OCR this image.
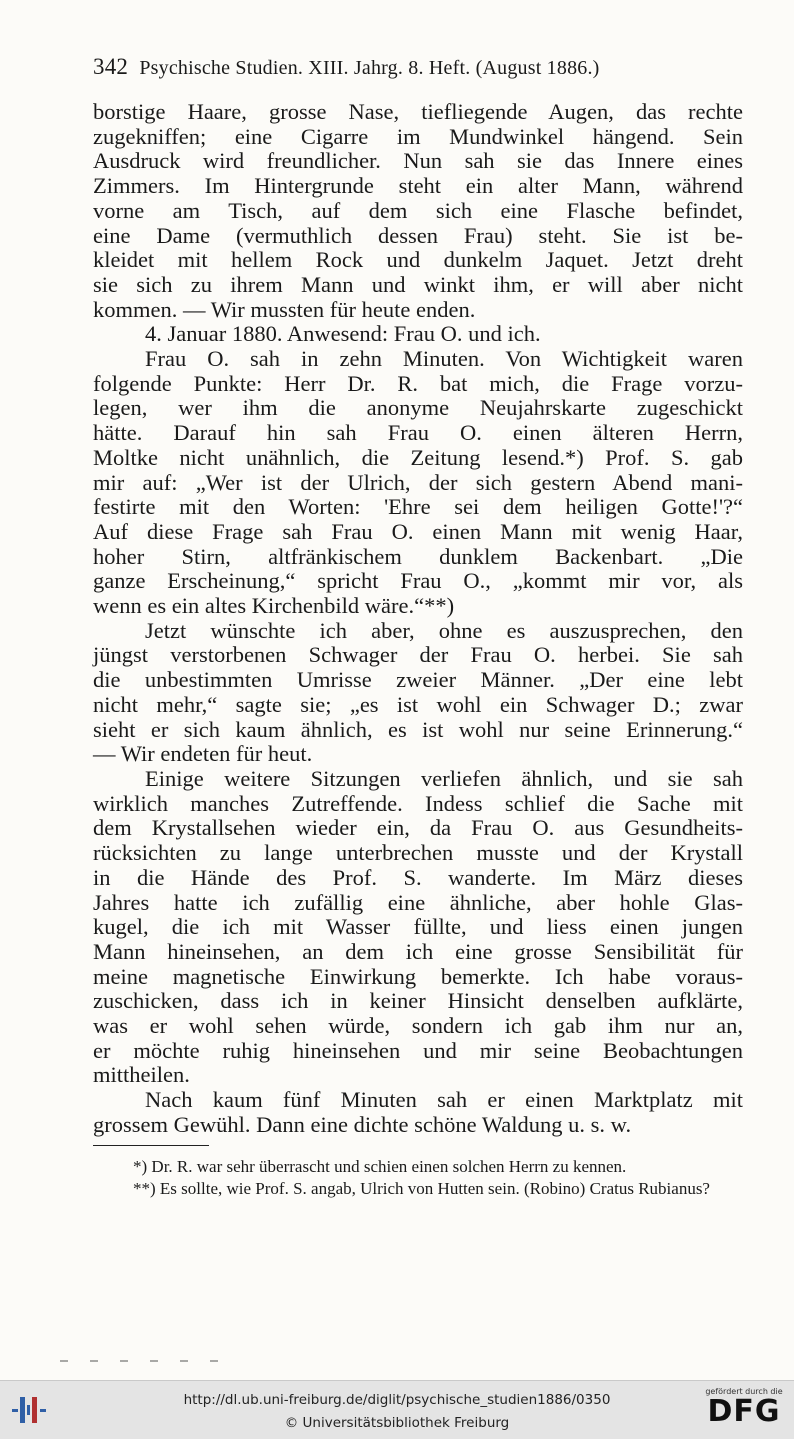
342 Psychische Studien. XIII. Jahrg. 8. Heft. (August 1886.)
borstige Haare, grosse Nase, tiefliegende Augen, das rechte
zugekniffen; eine Cigarre im Mundwinkel hängend. Sein
Ausdruck wird freundlicher. Nun sah sie das Innere eines
Zimmers. Im Hintergrunde steht ein alter Mann, während
vorne am Tisch, auf dem sich eine Flasche befindet,
eine Dame (vermuthlich dessen Frau) steht. Sie ist be-
kleidet mit hellem Rock und dunkelm Jaquet. Jetzt dreht
sie sich zu ihrem Mann und winkt ihm, er will aber nicht
kommen. — Wir mussten für heute enden.
4. Januar 1880. Anwesend: Frau O. und ich.
Frau O. sah in zehn Minuten. Von Wichtigkeit waren
folgende Punkte: Herr Dr. R. bat mich, die Frage vorzu-
legen, wer ihm die anonyme Neujahrskarte zugeschickt
hätte. Darauf hin sah Frau O. einen älteren Herrn,
Moltke nicht unähnlich, die Zeitung lesend.*) Prof. S. gab
mir auf: „Wer ist der Ulrich, der sich gestern Abend mani-
festirte mit den Worten: 'Ehre sei dem heiligen Gotte!'?“
Auf diese Frage sah Frau O. einen Mann mit wenig Haar,
hoher Stirn, altfränkischem dunklem Backenbart. „Die
ganze Erscheinung,“ spricht Frau O., „kommt mir vor, als
wenn es ein altes Kirchenbild wäre.“**)
Jetzt wünschte ich aber, ohne es auszusprechen, den
jüngst verstorbenen Schwager der Frau O. herbei. Sie sah
die unbestimmten Umrisse zweier Männer. „Der eine lebt
nicht mehr,“ sagte sie; „es ist wohl ein Schwager D.; zwar
sieht er sich kaum ähnlich, es ist wohl nur seine Erinnerung.“
— Wir endeten für heut.
Einige weitere Sitzungen verliefen ähnlich, und sie sah
wirklich manches Zutreffende. Indess schlief die Sache mit
dem Krystallsehen wieder ein, da Frau O. aus Gesundheits-
rücksichten zu lange unterbrechen musste und der Krystall
in die Hände des Prof. S. wanderte. Im März dieses
Jahres hatte ich zufällig eine ähnliche, aber hohle Glas-
kugel, die ich mit Wasser füllte, und liess einen jungen
Mann hineinsehen, an dem ich eine grosse Sensibilität für
meine magnetische Einwirkung bemerkte. Ich habe voraus-
zuschicken, dass ich in keiner Hinsicht denselben aufklärte,
was er wohl sehen würde, sondern ich gab ihm nur an,
er möchte ruhig hineinsehen und mir seine Beobachtungen
mittheilen.
Nach kaum fünf Minuten sah er einen Marktplatz mit
grossem Gewühl. Dann eine dichte schöne Waldung u. s. w.

*) Dr. R. war sehr überrascht und schien einen solchen Herrn zu kennen.

**) Es sollte, wie Prof. S. angab, Ulrich von Hutten sein. (Robino) Cratus Rubianus?

http://dl.ub.uni-freiburg.de/diglit/psychische_studien1886/0350
© Universitätsbibliothek Freiburg
gefördert durch die
DFG
